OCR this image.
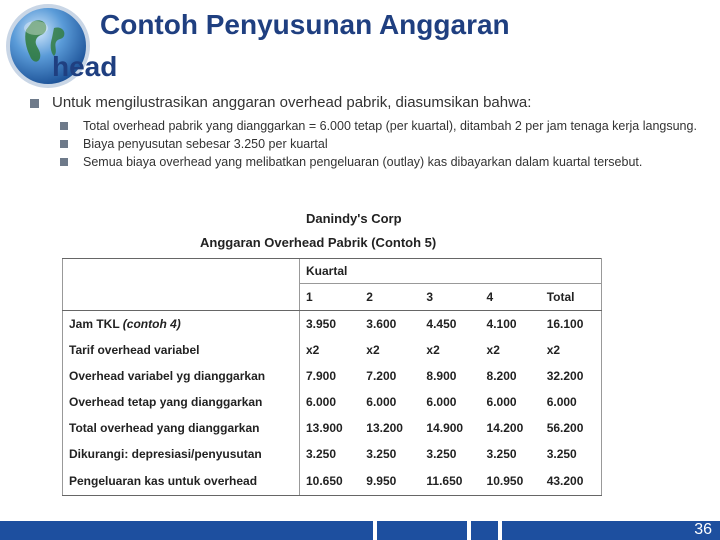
Contoh Penyusunan Anggaran
head
Untuk mengilustrasikan anggaran overhead pabrik, diasumsikan bahwa:
Total overhead pabrik yang dianggarkan = 6.000 tetap (per kuartal), ditambah 2 per jam tenaga kerja langsung.
Biaya penyusutan sebesar 3.250 per kuartal
Semua biaya overhead yang melibatkan pengeluaran (outlay) kas dibayarkan dalam kuartal tersebut.
Danindy's Corp
Anggaran Overhead Pabrik (Contoh 5)
	Kuartal				
	1	2	3	4	Total
Jam TKL (contoh 4)	3.950	3.600	4.450	4.100	16.100
Tarif overhead variabel	x2	x2	x2	x2	x2
Overhead variabel yg dianggarkan	7.900	7.200	8.900	8.200	32.200
Overhead tetap yang dianggarkan	6.000	6.000	6.000	6.000	6.000
Total overhead yang dianggarkan	13.900	13.200	14.900	14.200	56.200
Dikurangi: depresiasi/penyusutan	3.250	3.250	3.250	3.250	3.250
Pengeluaran kas untuk overhead	10.650	9.950	11.650	10.950	43.200
36
